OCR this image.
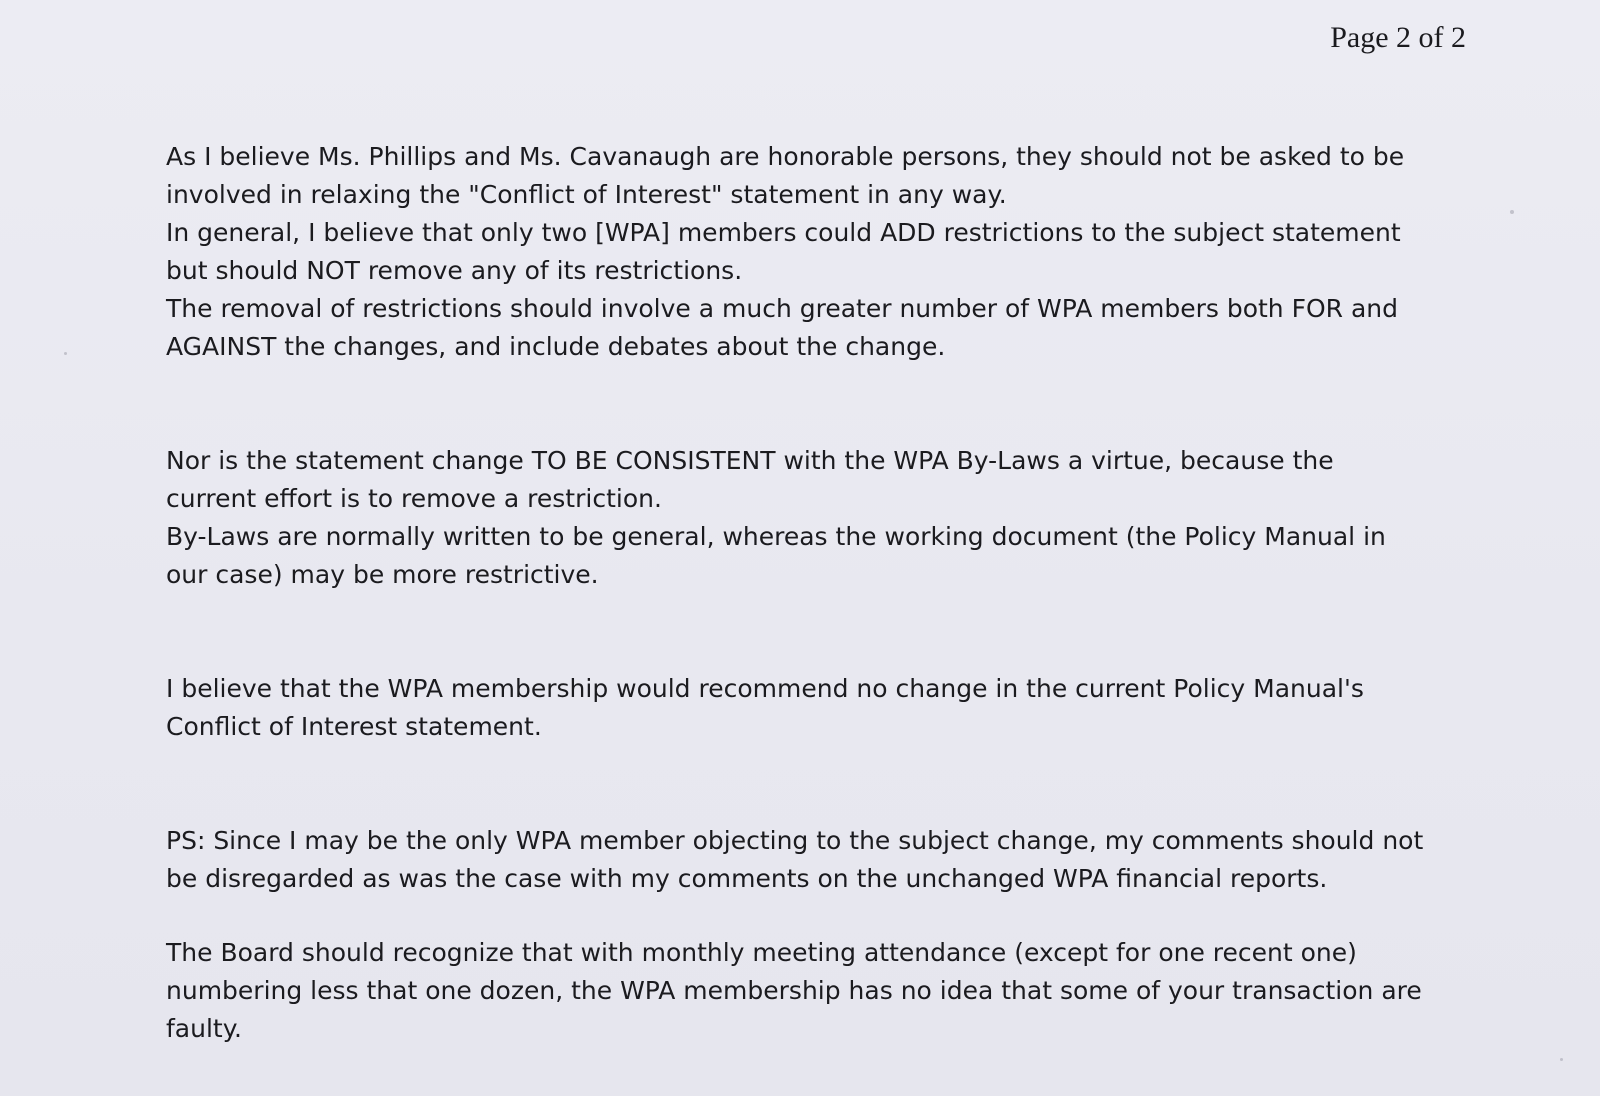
Page 2 of 2

As I believe Ms. Phillips and Ms. Cavanaugh are honorable persons, they should not be asked to be
involved in relaxing the "Conflict of Interest" statement in any way.
In general, I believe that only two [WPA] members could ADD restrictions to the subject statement
but should NOT remove any of its restrictions.
The removal of restrictions should involve a much greater number of WPA members both FOR and
AGAINST the changes, and include debates about the change.

Nor is the statement change TO BE CONSISTENT with the WPA By-Laws a virtue, because the
current effort is to remove a restriction.
By-Laws are normally written to be general, whereas the working document (the Policy Manual in
our case) may be more restrictive.

I believe that the WPA membership would recommend no change in the current Policy Manual's
Conflict of Interest statement.

PS: Since I may be the only WPA member objecting to the subject change, my comments should not
be disregarded as was the case with my comments on the unchanged WPA financial reports.

The Board should recognize that with monthly meeting attendance (except for one recent one)
numbering less that one dozen, the WPA membership has no idea that some of your transaction are
faulty.
